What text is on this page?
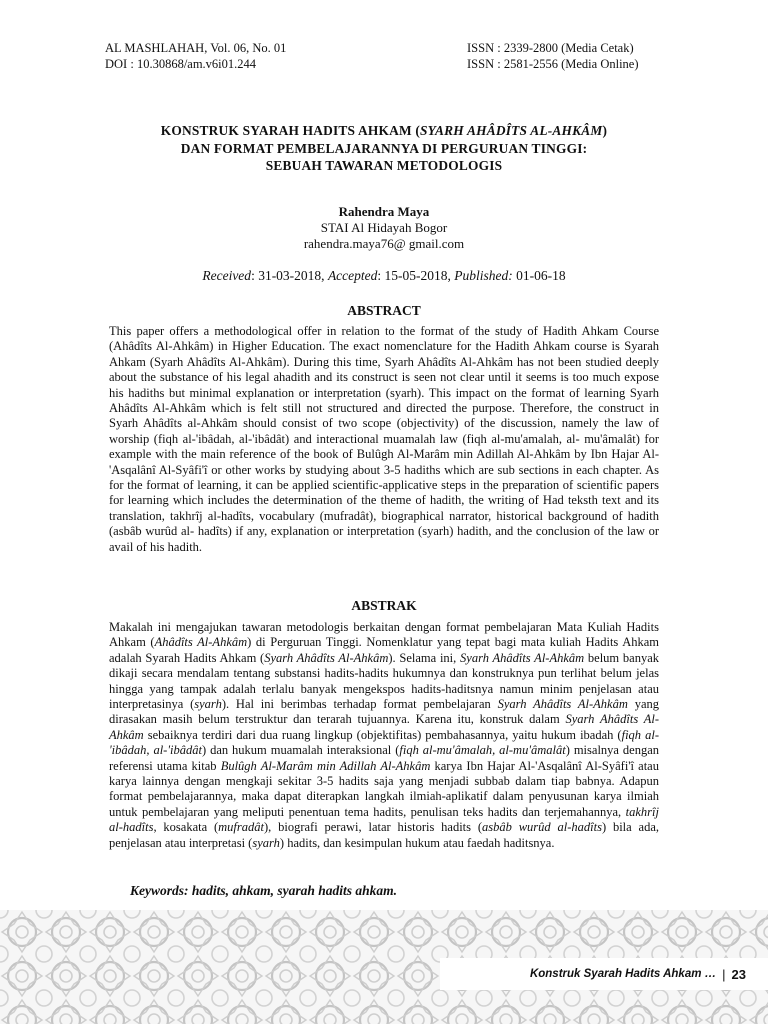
AL MASHLAHAH, Vol. 06, No. 01
DOI : 10.30868/am.v6i01.244
ISSN : 2339-2800 (Media Cetak)
ISSN : 2581-2556 (Media Online)
KONSTRUK SYARAH HADITS AHKAM (SYARH AHÂDÎTS AL-AHKÂM)
DAN FORMAT PEMBELAJARANNYA DI PERGURUAN TINGGI:
SEBUAH TAWARAN METODOLOGIS
Rahendra Maya
STAI Al Hidayah Bogor
rahendra.maya76@ gmail.com
Received: 31-03-2018, Accepted: 15-05-2018, Published: 01-06-18
ABSTRACT

This paper offers a methodological offer in relation to the format of the study of Hadith Ahkam Course (Ahâdîts Al-Ahkâm) in Higher Education. The exact nomenclature for the Hadith Ahkam course is Syarah Ahkam (Syarh Ahâdîts Al-Ahkâm). During this time, Syarh Ahâdîts Al-Ahkâm has not been studied deeply about the substance of his legal ahadith and its construct is seen not clear until it seems is too much expose his hadiths but minimal explanation or interpretation (syarh). This impact on the format of learning Syarh Ahâdîts Al-Ahkâm which is felt still not structured and directed the purpose. Therefore, the construct in Syarh Ahâdîts al-Ahkâm should consist of two scope (objectivity) of the discussion, namely the law of worship (fiqh al-'ibâdah, al-'ibâdât) and interactional muamalah law (fiqh al-mu'amalah, al- mu'âmalât) for example with the main reference of the book of Bulûgh Al-Marâm min Adillah Al-Ahkâm by Ibn Hajar Al-'Asqalânî Al-Syâfi'î or other works by studying about 3-5 hadiths which are sub sections in each chapter. As for the format of learning, it can be applied scientific-applicative steps in the preparation of scientific papers for learning which includes the determination of the theme of hadith, the writing of Had teksth text and its translation, takhrîj al-hadîts, vocabulary (mufradât), biographical narrator, historical background of hadith (asbâb wurûd al- hadîts) if any, explanation or interpretation (syarh) hadith, and the conclusion of the law or avail of his hadith.

ABSTRAK

Makalah ini mengajukan tawaran metodologis berkaitan dengan format pembelajaran Mata Kuliah Hadits Ahkam (Ahâdîts Al-Ahkâm) di Perguruan Tinggi. Nomenklatur yang tepat bagi mata kuliah Hadits Ahkam adalah Syarah Hadits Ahkam (Syarh Ahâdîts Al-Ahkâm). Selama ini, Syarh Ahâdîts Al-Ahkâm belum banyak dikaji secara mendalam tentang substansi hadits-hadits hukumnya dan konstruknya pun terlihat belum jelas hingga yang tampak adalah terlalu banyak mengekspos hadits-haditsnya namun minim penjelasan atau interpretasinya (syarh). Hal ini berimbas terhadap format pembelajaran Syarh Ahâdîts Al-Ahkâm yang dirasakan masih belum terstruktur dan terarah tujuannya. Karena itu, konstruk dalam Syarh Ahâdîts Al-Ahkâm sebaiknya terdiri dari dua ruang lingkup (objektifitas) pembahasannya, yaitu hukum ibadah (fiqh al-'ibâdah, al-'ibâdât) dan hukum muamalah interaksional (fiqh al-mu'âmalah, al-mu'âmalât) misalnya dengan referensi utama kitab Bulûgh Al-Marâm min Adillah Al-Ahkâm karya Ibn Hajar Al-'Asqalânî Al-Syâfi'î atau karya lainnya dengan mengkaji sekitar 3-5 hadits saja yang menjadi subbab dalam tiap babnya. Adapun format pembelajarannya, maka dapat diterapkan langkah ilmiah-aplikatif dalam penyusunan karya ilmiah untuk pembelajaran yang meliputi penentuan tema hadits, penulisan teks hadits dan terjemahannya, takhrîj al-hadîts, kosakata (mufradât), biografi perawi, latar historis hadits (asbâb wurûd al-hadîts) bila ada, penjelasan atau interpretasi (syarh) hadits, dan kesimpulan hukum atau faedah haditsnya.

Keywords: hadits, ahkam, syarah hadits ahkam.
Konstruk Syarah Hadits Ahkam … | 23
